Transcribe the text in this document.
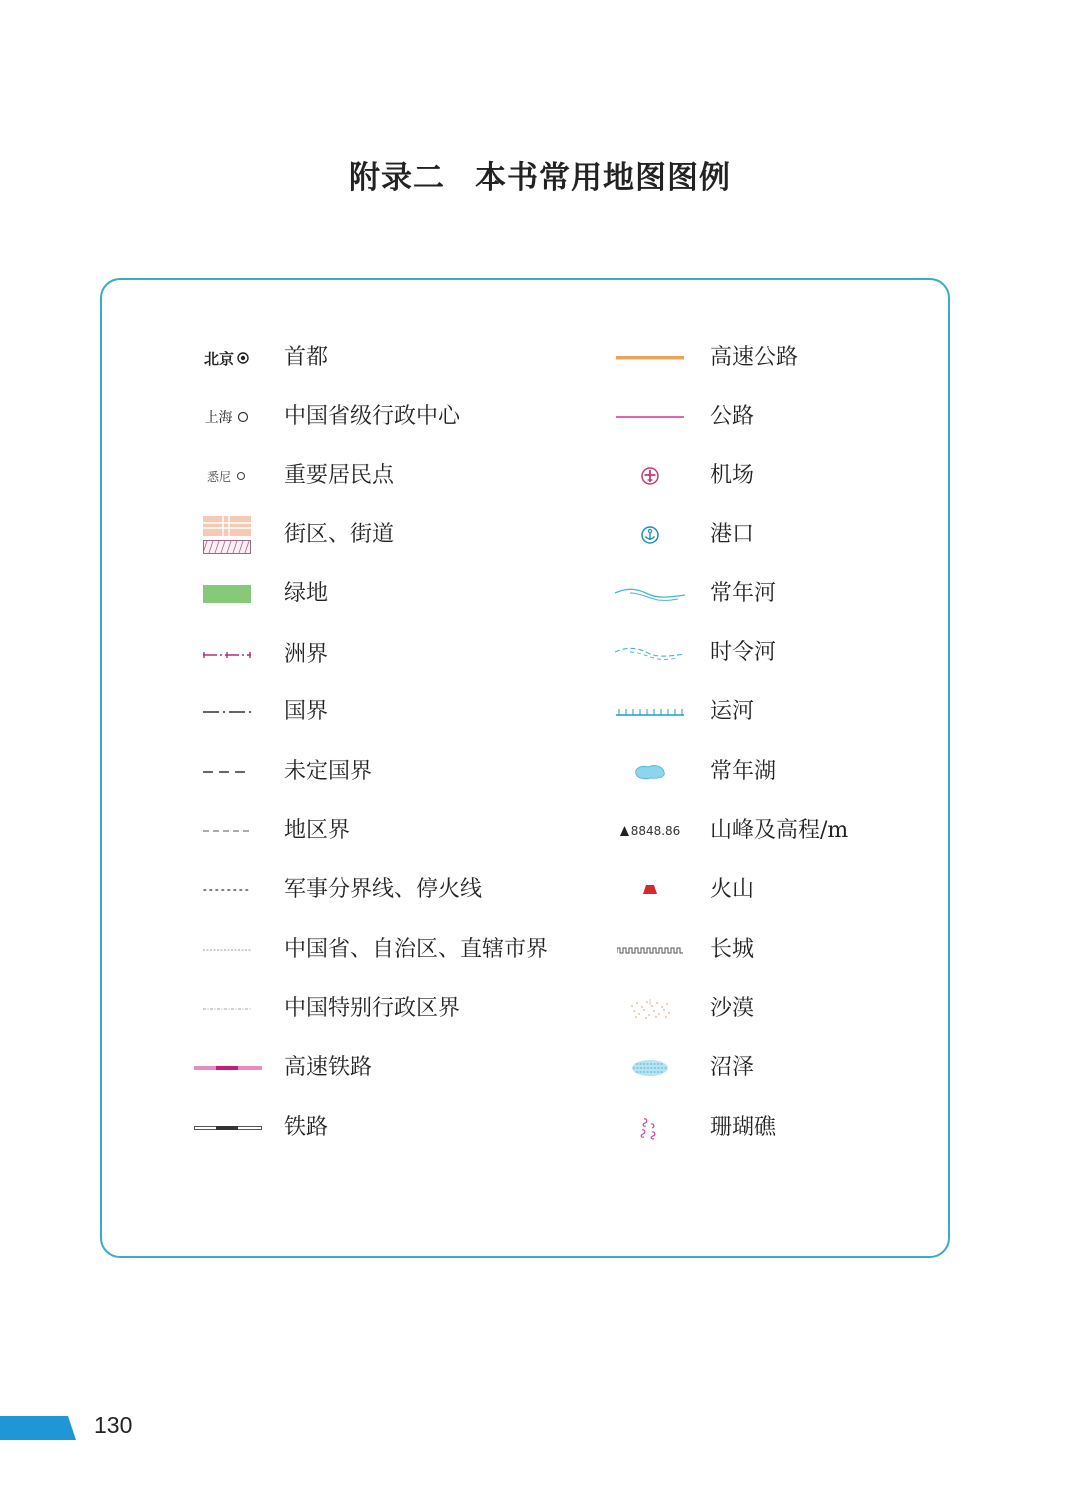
附录二 本书常用地图图例
北京 首都
上海 中国省级行政中心
悉尼 重要居民点
街区、街道
绿地
洲界
国界
未定国界
地区界
军事分界线、停火线
中国省、自治区、直辖市界
中国特别行政区界
高速铁路
铁路
高速公路
公路
机场
港口
常年河
时令河
运河
常年湖
8848.86 山峰及高程/m
火山
长城
沙漠
沼泽
珊瑚礁
130
